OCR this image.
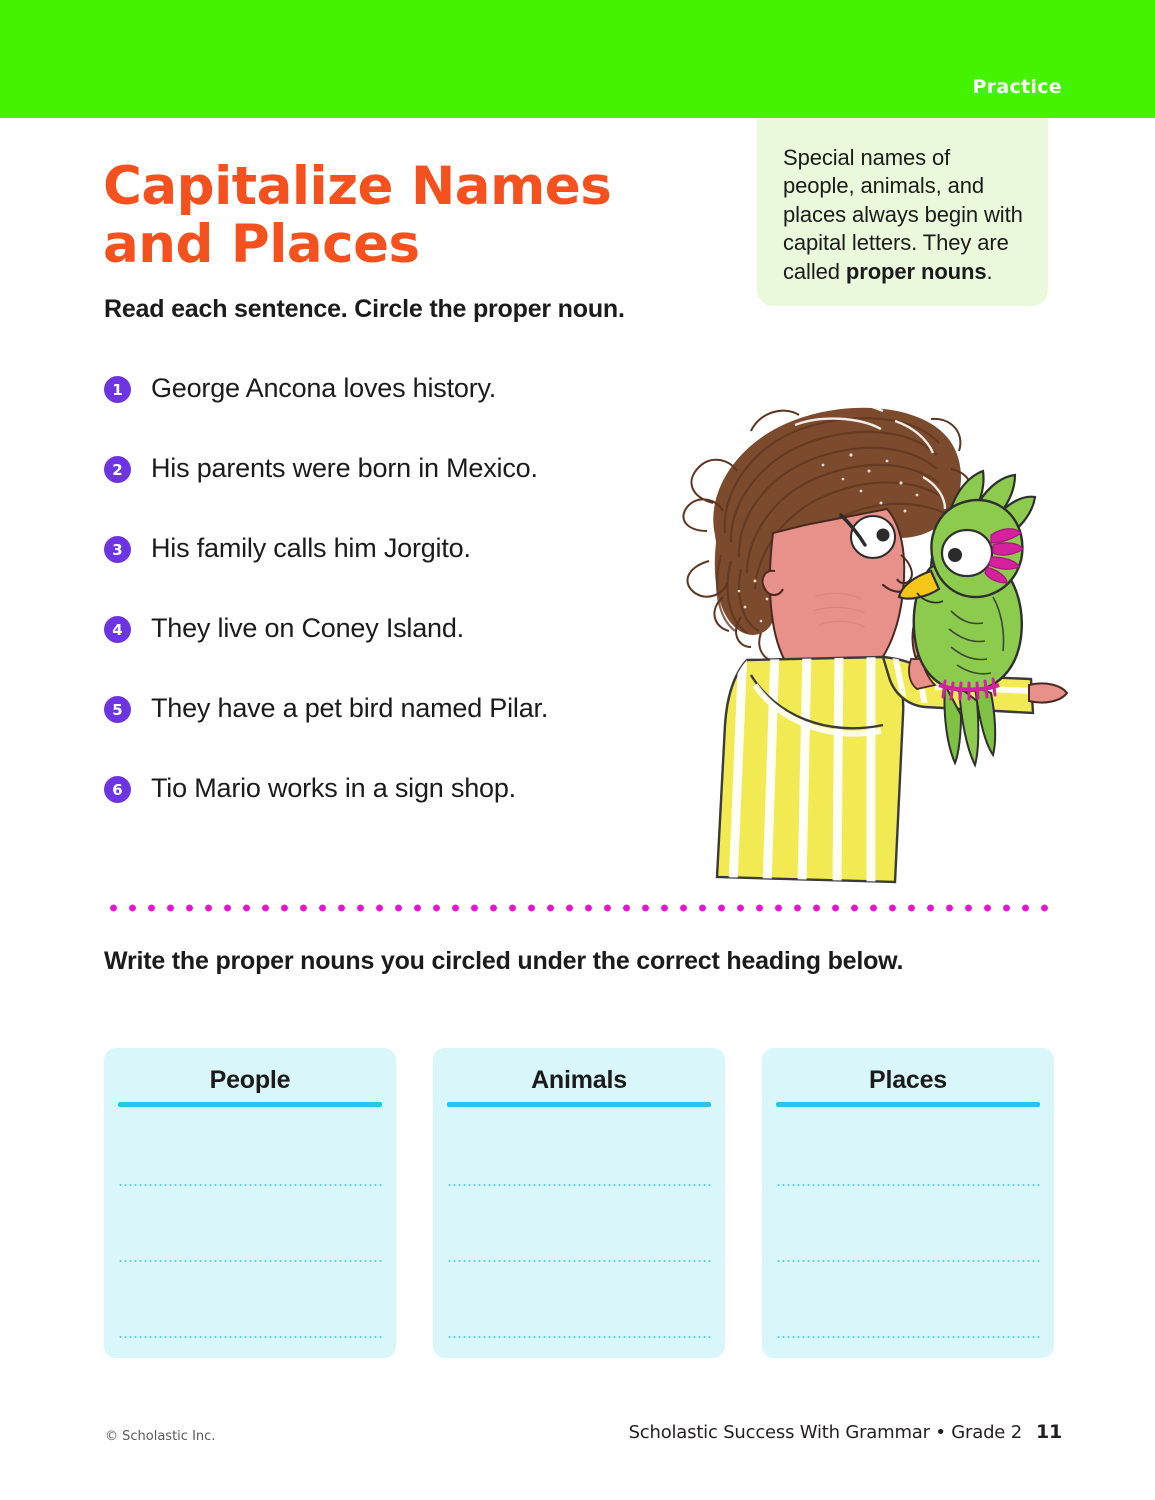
Practice
Special names of people, animals, and places always begin with capital letters. They are called proper nouns.
Capitalize Names and Places
Read each sentence. Circle the proper noun.
1	George Ancona loves history.
2	His parents were born in Mexico.
3	His family calls him Jorgito.
4	They live on Coney Island.
5	They have a pet bird named Pilar.
6	Tio Mario works in a sign shop.
Write the proper nouns you circled under the correct heading below.
People	Animals	Places
© Scholastic Inc.	Scholastic Success With Grammar • Grade 2 11
